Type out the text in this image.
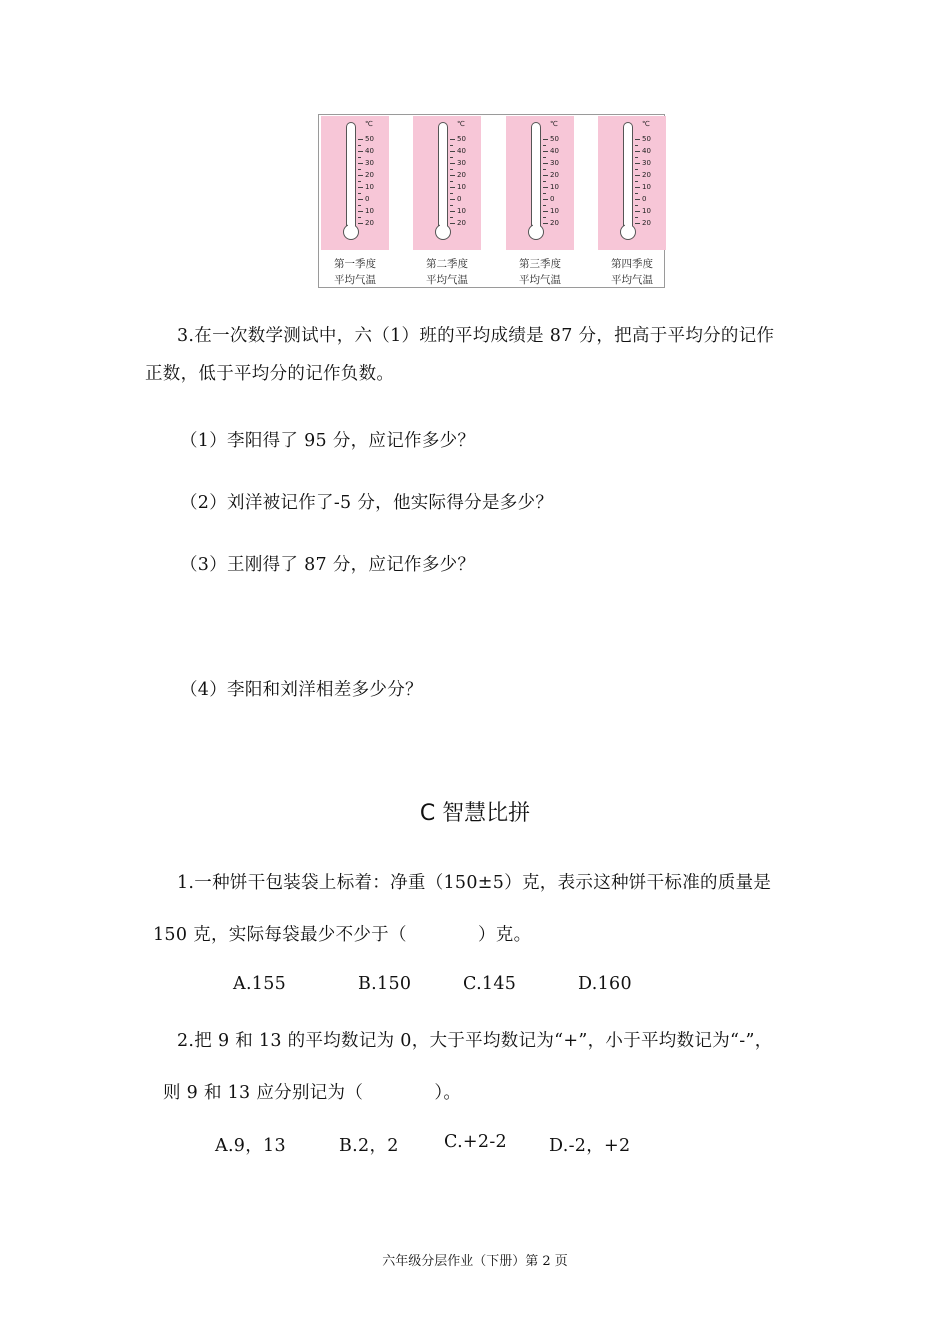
℃
50
40
30
20
10
0
10
20
℃
50
40
30
20
10
0
10
20
℃
50
40
30
20
10
0
10
20
℃
50
40
30
20
10
0
10
20
第一季度
平均气温
第二季度
平均气温
第三季度
平均气温
第四季度
平均气温
3.在一次数学测试中，六（1）班的平均成绩是 87 分，把高于平均分的记作
正数，低于平均分的记作负数。
（1）李阳得了 95 分，应记作多少？
（2）刘洋被记作了-5 分，他实际得分是多少？
（3）王刚得了 87 分，应记作多少？
（4）李阳和刘洋相差多少分？
C 智慧比拼
1.一种饼干包装袋上标着：净重（150±5）克，表示这种饼干标准的质量是
150 克，实际每袋最少不少于（　　　　）克。
A.155	B.150	C.145	D.160
2.把 9 和 13 的平均数记为 0，大于平均数记为“+”，小于平均数记为“-”，
则 9 和 13 应分别记为（　　　　）。
A.9，13	B.2，2	C.+2-2 D.-2，+2
六年级分层作业（下册）第 2 页
